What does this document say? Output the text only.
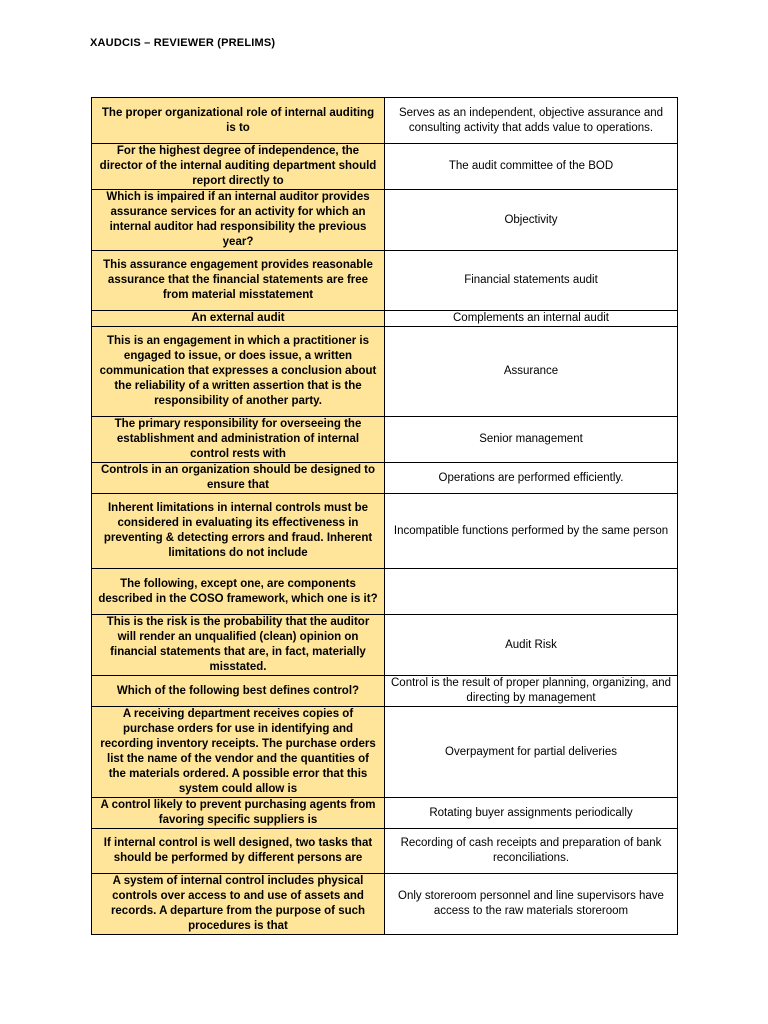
XAUDCIS – REVIEWER (PRELIMS)
The proper organizational role of internal auditing is to	Serves as an independent, objective assurance and consulting activity that adds value to operations.
For the highest degree of independence, the director of the internal auditing department should report directly to	The audit committee of the BOD
Which is impaired if an internal auditor provides assurance services for an activity for which an internal auditor had responsibility the previous year?	Objectivity
This assurance engagement provides reasonable assurance that the financial statements are free from material misstatement	Financial statements audit
An external audit	Complements an internal audit
This is an engagement in which a practitioner is engaged to issue, or does issue, a written communication that expresses a conclusion about the reliability of a written assertion that is the responsibility of another party.	Assurance
The primary responsibility for overseeing the establishment and administration of internal control rests with	Senior management
Controls in an organization should be designed to ensure that	Operations are performed efficiently.
Inherent limitations in internal controls must be considered in evaluating its effectiveness in preventing & detecting errors and fraud. Inherent limitations do not include	Incompatible functions performed by the same person
The following, except one, are components described in the COSO framework, which one is it?	
This is the risk is the probability that the auditor will render an unqualified (clean) opinion on financial statements that are, in fact, materially misstated.	Audit Risk
Which of the following best defines control?	Control is the result of proper planning, organizing, and directing by management
A receiving department receives copies of purchase orders for use in identifying and recording inventory receipts. The purchase orders list the name of the vendor and the quantities of the materials ordered. A possible error that this system could allow is	Overpayment for partial deliveries
A control likely to prevent purchasing agents from favoring specific suppliers is	Rotating buyer assignments periodically
If internal control is well designed, two tasks that should be performed by different persons are	Recording of cash receipts and preparation of bank reconciliations.
A system of internal control includes physical controls over access to and use of assets and records. A departure from the purpose of such procedures is that	Only storeroom personnel and line supervisors have access to the raw materials storeroom
